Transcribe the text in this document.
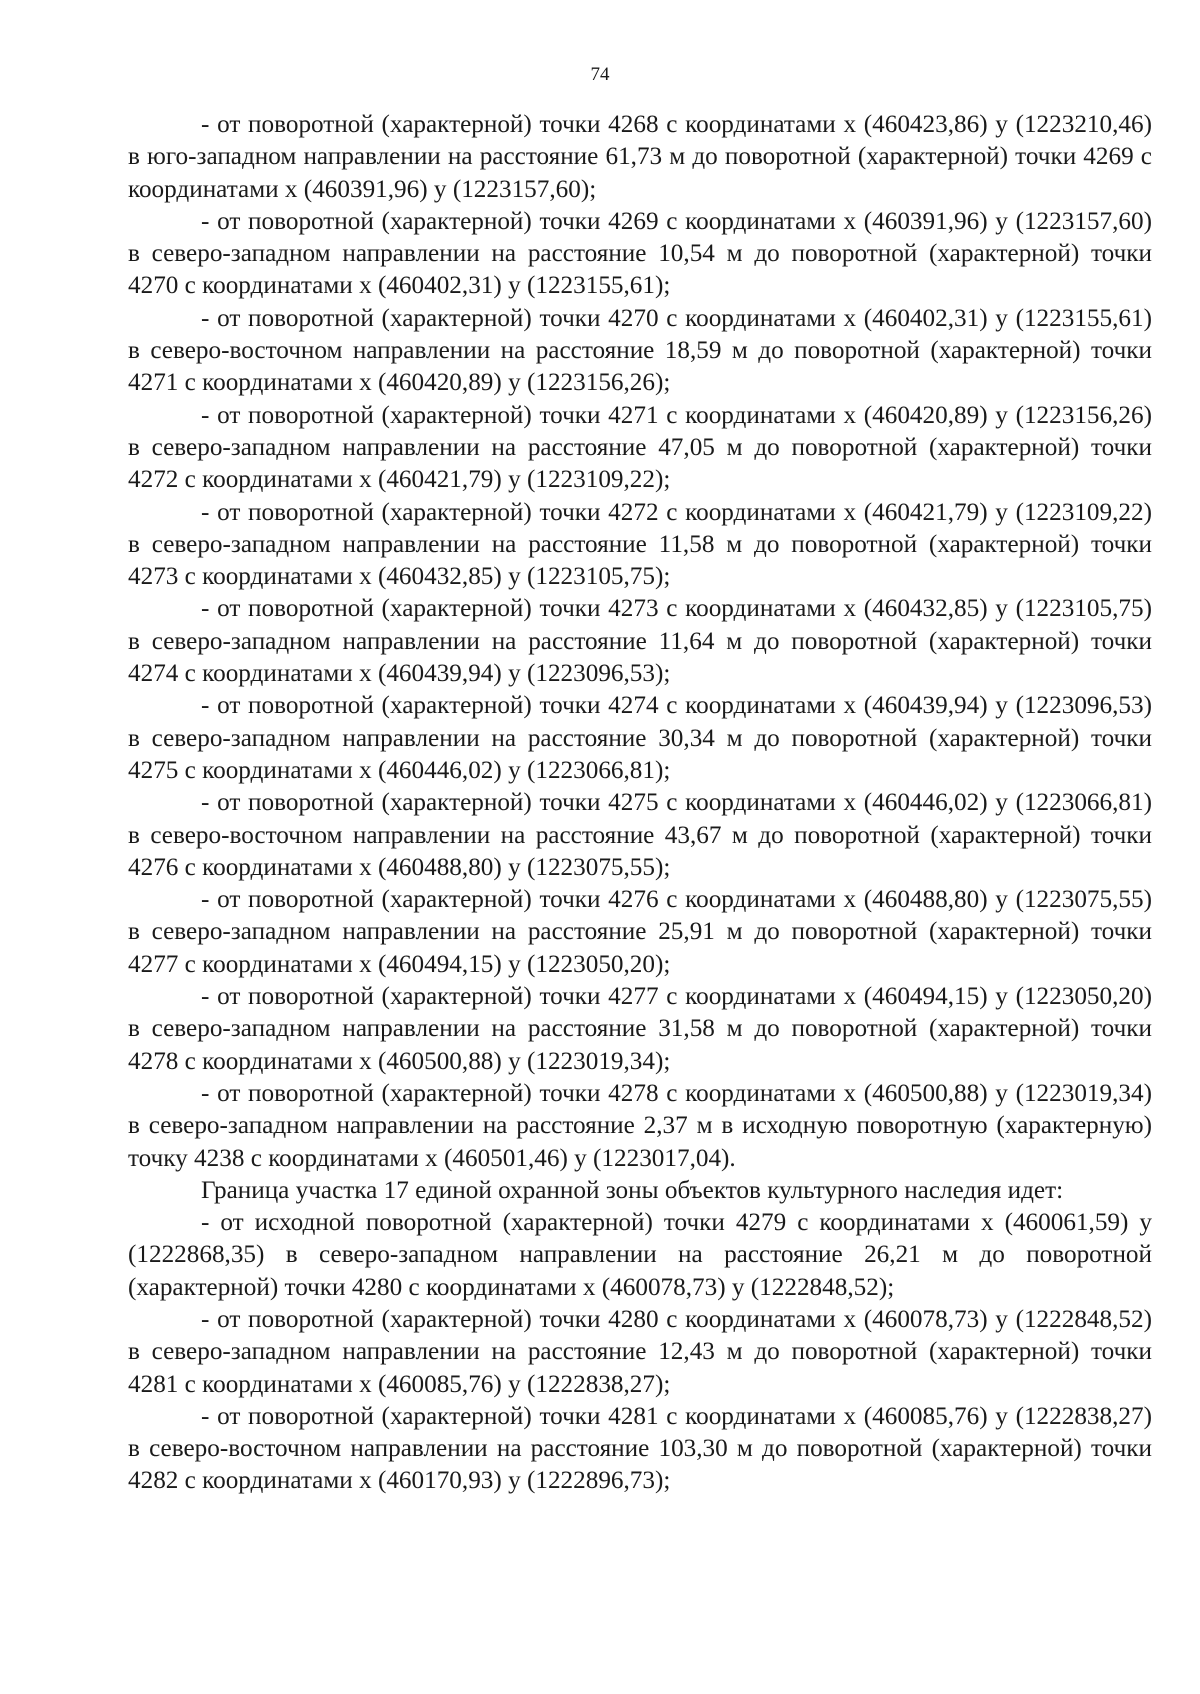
74

- от поворотной (характерной) точки 4268 с координатами x (460423,86) у (1223210,46) в юго-западном направлении на расстояние 61,73 м до поворотной (характерной) точки 4269 с координатами x (460391,96) у (1223157,60);

- от поворотной (характерной) точки 4269 с координатами x (460391,96) у (1223157,60) в северо-западном направлении на расстояние 10,54 м до поворотной (характерной) точки 4270 с координатами x (460402,31) у (1223155,61);

- от поворотной (характерной) точки 4270 с координатами x (460402,31) у (1223155,61) в северо-восточном направлении на расстояние 18,59 м до поворотной (характерной) точки 4271 с координатами x (460420,89) у (1223156,26);

- от поворотной (характерной) точки 4271 с координатами x (460420,89) у (1223156,26) в северо-западном направлении на расстояние 47,05 м до поворотной (характерной) точки 4272 с координатами x (460421,79) у (1223109,22);

- от поворотной (характерной) точки 4272 с координатами x (460421,79) у (1223109,22) в северо-западном направлении на расстояние 11,58 м до поворотной (характерной) точки 4273 с координатами x (460432,85) у (1223105,75);

- от поворотной (характерной) точки 4273 с координатами x (460432,85) у (1223105,75) в северо-западном направлении на расстояние 11,64 м до поворотной (характерной) точки 4274 с координатами x (460439,94) у (1223096,53);

- от поворотной (характерной) точки 4274 с координатами x (460439,94) у (1223096,53) в северо-западном направлении на расстояние 30,34 м до поворотной (характерной) точки 4275 с координатами x (460446,02) у (1223066,81);

- от поворотной (характерной) точки 4275 с координатами x (460446,02) у (1223066,81) в северо-восточном направлении на расстояние 43,67 м до поворотной (характерной) точки 4276 с координатами x (460488,80) у (1223075,55);

- от поворотной (характерной) точки 4276 с координатами x (460488,80) у (1223075,55) в северо-западном направлении на расстояние 25,91 м до поворотной (характерной) точки 4277 с координатами x (460494,15) у (1223050,20);

- от поворотной (характерной) точки 4277 с координатами x (460494,15) у (1223050,20) в северо-западном направлении на расстояние 31,58 м до поворотной (характерной) точки 4278 с координатами x (460500,88) у (1223019,34);

- от поворотной (характерной) точки 4278 с координатами x (460500,88) у (1223019,34) в северо-западном направлении на расстояние 2,37 м в исходную поворотную (характерную) точку 4238 с координатами x (460501,46) у (1223017,04).

Граница участка 17 единой охранной зоны объектов культурного наследия идет:

- от исходной поворотной (характерной) точки 4279 с координатами x (460061,59) у (1222868,35) в северо-западном направлении на расстояние 26,21 м до поворотной (характерной) точки 4280 с координатами x (460078,73) у (1222848,52);

- от поворотной (характерной) точки 4280 с координатами x (460078,73) у (1222848,52) в северо-западном направлении на расстояние 12,43 м до поворотной (характерной) точки 4281 с координатами x (460085,76) у (1222838,27);

- от поворотной (характерной) точки 4281 с координатами x (460085,76) у (1222838,27) в северо-восточном направлении на расстояние 103,30 м до поворотной (характерной) точки 4282 с координатами x (460170,93) у (1222896,73);
